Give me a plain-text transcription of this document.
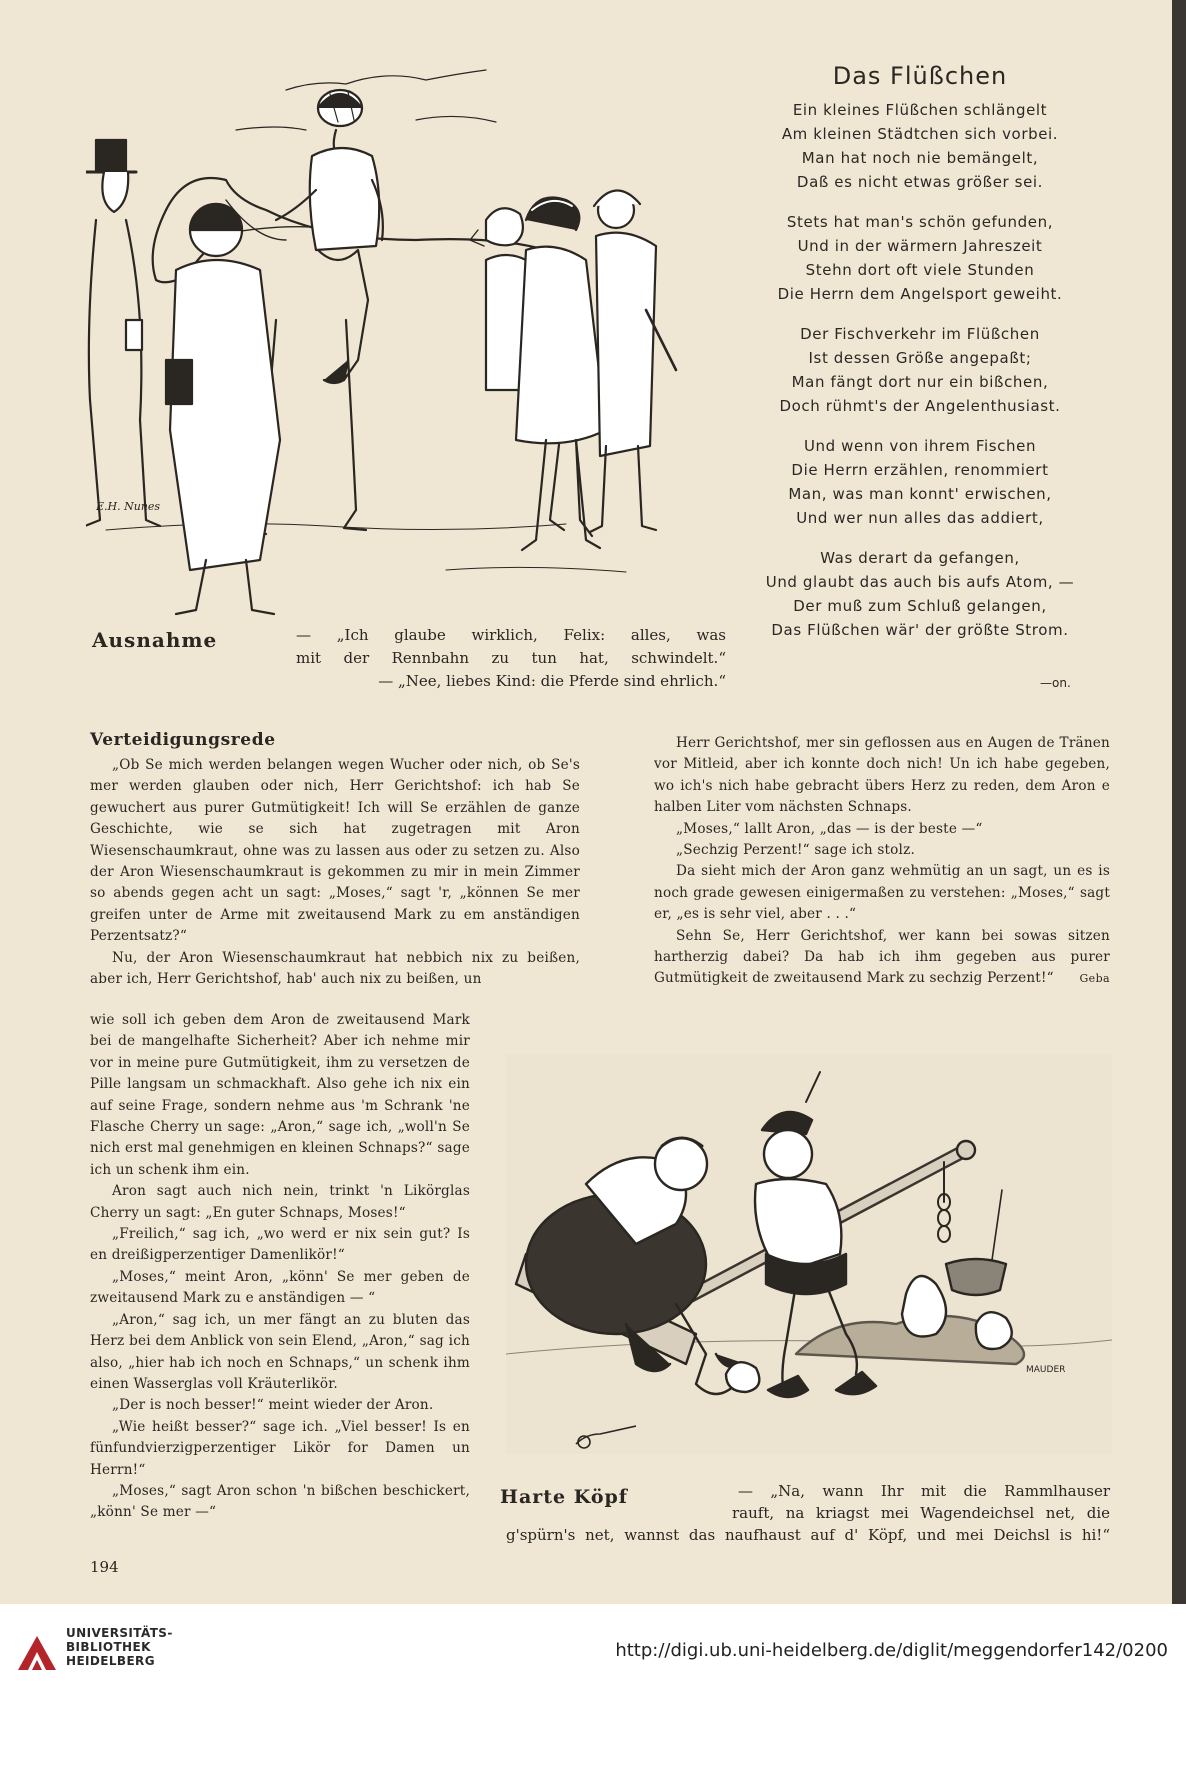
E.H. Nunes
Ausnahme	— „Ich glaube wirklich, Felix: alles, was
mit der Rennbahn zu tun hat, schwindelt.“
— „Nee, liebes Kind: die Pferde sind ehrlich.“
Das Flüßchen
Ein kleines Flüßchen schlängelt
Am kleinen Städtchen sich vorbei.
Man hat noch nie bemängelt,
Daß es nicht etwas größer sei.
Stets hat man's schön gefunden,
Und in der wärmern Jahreszeit
Stehn dort oft viele Stunden
Die Herrn dem Angelsport geweiht.
Der Fischverkehr im Flüßchen
Ist dessen Größe angepaßt;
Man fängt dort nur ein bißchen,
Doch rühmt's der Angelenthusiast.
Und wenn von ihrem Fischen
Die Herrn erzählen, renommiert
Man, was man konnt' erwischen,
Und wer nun alles das addiert,
Was derart da gefangen,
Und glaubt das auch bis aufs Atom, —
Der muß zum Schluß gelangen,
Das Flüßchen wär' der größte Strom.
—on.
Verteidigungsrede

„Ob Se mich werden belangen wegen Wucher oder nich, ob Se's mer werden glauben oder nich, Herr Gerichtshof: ich hab Se gewuchert aus purer Gutmütigkeit! Ich will Se erzählen de ganze Geschichte, wie se sich hat zugetragen mit Aron Wiesenschaumkraut, ohne was zu lassen aus oder zu setzen zu. Also der Aron Wiesenschaumkraut is gekommen zu mir in mein Zimmer so abends gegen acht un sagt: „Moses,“ sagt 'r, „können Se mer greifen unter de Arme mit zweitausend Mark zu em anständigen Perzentsatz?“

Nu, der Aron Wiesenschaumkraut hat nebbich nix zu beißen, aber ich, Herr Gerichtshof, hab' auch nix zu beißen, un

wie soll ich geben dem Aron de zweitausend Mark bei de mangelhafte Sicherheit? Aber ich nehme mir vor in meine pure Gutmütigkeit, ihm zu versetzen de Pille langsam un schmackhaft. Also gehe ich nix ein auf seine Frage, sondern nehme aus 'm Schrank 'ne Flasche Cherry un sage: „Aron,“ sage ich, „woll'n Se nich erst mal genehmigen en kleinen Schnaps?“ sage ich un schenk ihm ein.

Aron sagt auch nich nein, trinkt 'n Likörglas Cherry un sagt: „En guter Schnaps, Moses!“

„Freilich,“ sag ich, „wo werd er nix sein gut? Is en dreißigperzentiger Damenlikör!“

„Moses,“ meint Aron, „könn' Se mer geben de zweitausend Mark zu e anständigen — “

„Aron,“ sag ich, un mer fängt an zu bluten das Herz bei dem Anblick von sein Elend, „Aron,“ sag ich also, „hier hab ich noch en Schnaps,“ un schenk ihm einen Wasserglas voll Kräuterlikör.

„Der is noch besser!“ meint wieder der Aron.

„Wie heißt besser?“ sage ich. „Viel besser! Is en fünfundvierzigperzentiger Likör for Damen un Herrn!“

„Moses,“ sagt Aron schon 'n bißchen beschickert, „könn' Se mer —“

Herr Gerichtshof, mer sin geflossen aus en Augen de Tränen vor Mitleid, aber ich konnte doch nich! Un ich habe gegeben, wo ich's nich habe gebracht übers Herz zu reden, dem Aron e halben Liter vom nächsten Schnaps.

„Moses,“ lallt Aron, „das — is der beste —“

„Sechzig Perzent!“ sage ich stolz.

Da sieht mich der Aron ganz wehmütig an un sagt, un es is noch grade gewesen einigermaßen zu verstehen: „Moses,“ sagt er, „es is sehr viel, aber . . .“

Sehn Se, Herr Gerichtshof, wer kann bei sowas sitzen hartherzig dabei? Da hab ich ihm gegeben aus purer Gutmütigkeit de zweitausend Mark zu sechzig Perzent!“	Geba

194
MAUDER
Harte Köpf	— „Na, wann Ihr mit die Rammlhauser
rauft, na kriagst mei Wagendeichsel net, die
g'spürn's net, wannst das naufhaust auf d' Köpf, und mei Deichsl is hi!“
UNIVERSITÄTS-
BIBLIOTHEK
HEIDELBERG	http://digi.ub.uni-heidelberg.de/diglit/meggendorfer142/0200
